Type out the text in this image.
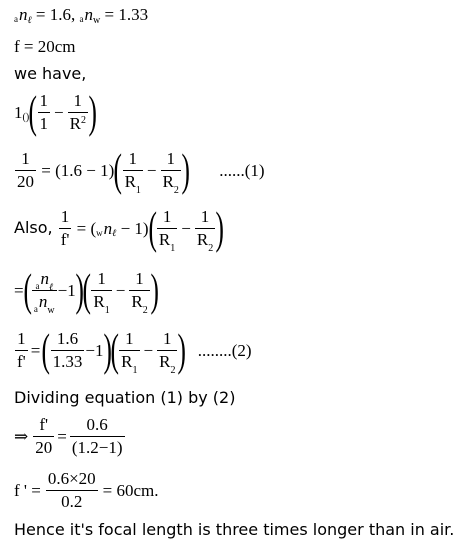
a n ℓ = 1.6, a n w = 1.33
f = 20cm
we have,
1 () ( $\frac{1}{1} - \frac{1}{R^2}$ )
$\frac{1}{20} = (1.6 - 1)$ ( $\frac{1}{R_1} - \frac{1}{R_2}$ ) ......(1)
Also, $\frac{1}{f'}$ = ( w n ℓ − 1) ( $\frac{1}{R_1} - \frac{1}{R_2}$ )
= ( $\frac{_an_\ell}{_an_w} -1$ )
( $\frac{1}{R_1} - \frac{1}{R_2}$ )
$\frac{1}{f'}$ = ( $\frac{1.6}{1.33} -1$ )
( $\frac{1}{R_1} - \frac{1}{R_2}$ ) ........(2)
Dividing equation (1) by (2)
⇒ $\frac{f'}{20} = \frac{0.6}{(1.2-1)}$
f ' = $\frac{0.6\times 20}{0.2} = 60cm$.
Hence it's focal length is three times longer than in air.
